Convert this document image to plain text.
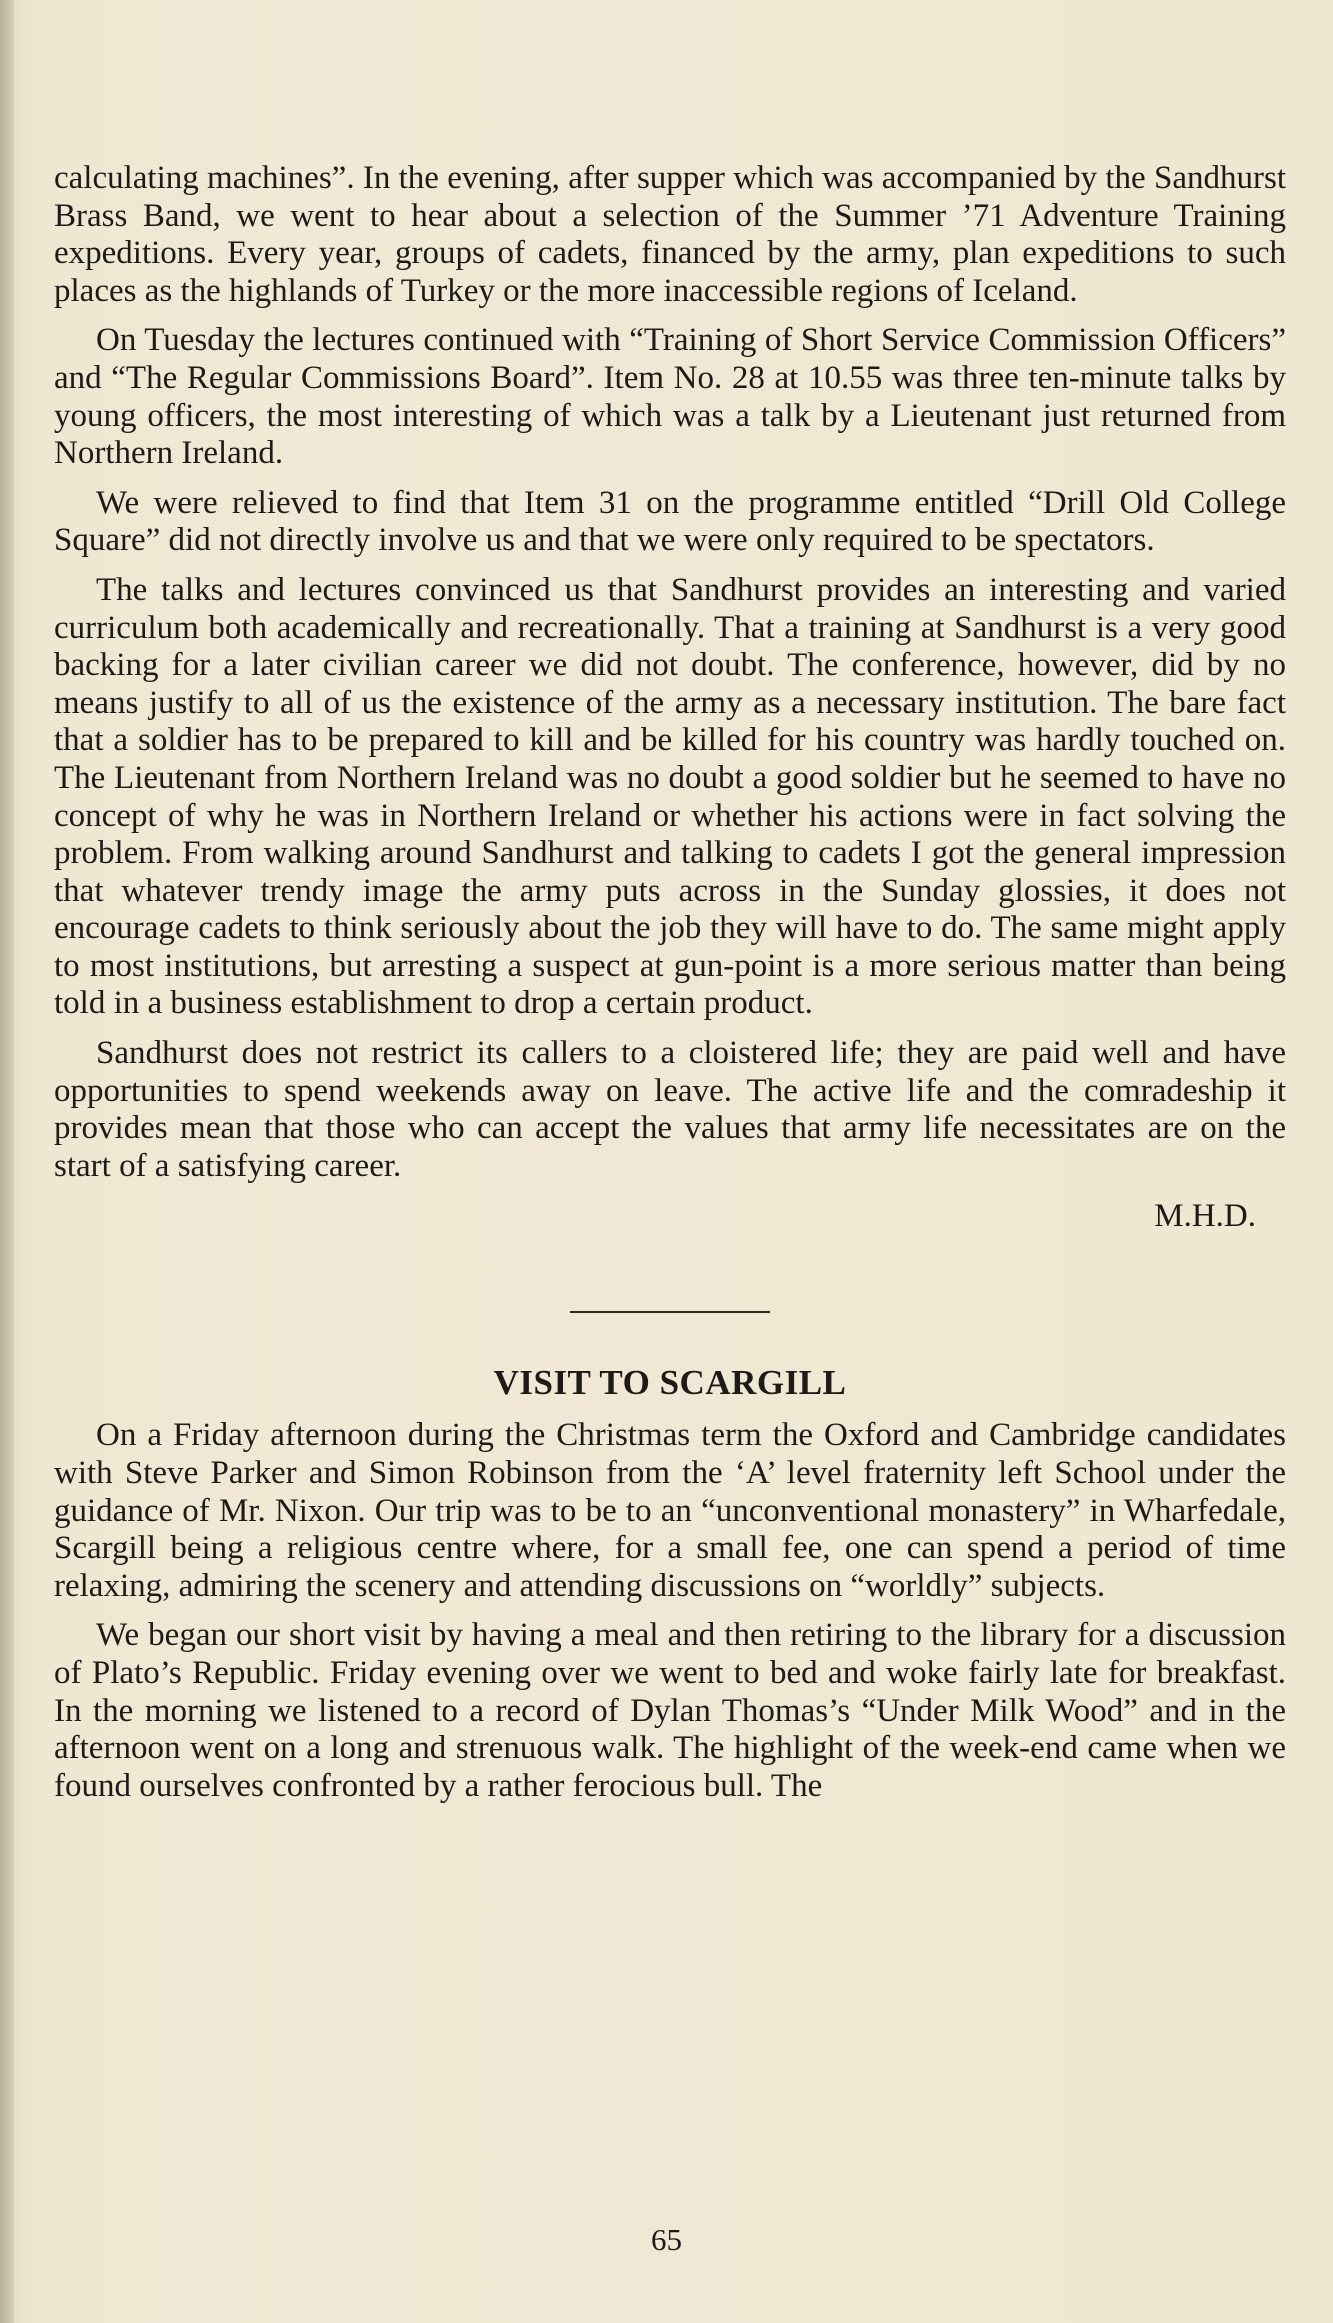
calculating machines”. In the evening, after supper which was accompanied by the Sandhurst Brass Band, we went to hear about a selection of the Summer ’71 Adventure Training expeditions. Every year, groups of cadets, financed by the army, plan expeditions to such places as the highlands of Turkey or the more inaccessible regions of Iceland.

On Tuesday the lectures continued with “Training of Short Service Commission Officers” and “The Regular Commissions Board”. Item No. 28 at 10.55 was three ten-minute talks by young officers, the most interesting of which was a talk by a Lieutenant just returned from Northern Ireland.

We were relieved to find that Item 31 on the programme entitled “Drill Old College Square” did not directly involve us and that we were only required to be spectators.

The talks and lectures convinced us that Sandhurst provides an interesting and varied curriculum both academically and recreationally. That a training at Sandhurst is a very good backing for a later civilian career we did not doubt. The conference, however, did by no means justify to all of us the existence of the army as a necessary institution. The bare fact that a soldier has to be prepared to kill and be killed for his country was hardly touched on. The Lieutenant from Northern Ireland was no doubt a good soldier but he seemed to have no concept of why he was in Northern Ireland or whether his actions were in fact solving the problem. From walking around Sandhurst and talking to cadets I got the general impression that whatever trendy image the army puts across in the Sunday glossies, it does not encourage cadets to think seriously about the job they will have to do. The same might apply to most institutions, but arresting a suspect at gun-point is a more serious matter than being told in a business establishment to drop a certain product.

Sandhurst does not restrict its callers to a cloistered life; they are paid well and have opportunities to spend weekends away on leave. The active life and the comradeship it provides mean that those who can accept the values that army life necessitates are on the start of a satisfying career.

M.H.D.

VISIT TO SCARGILL

On a Friday afternoon during the Christmas term the Oxford and Cambridge candidates with Steve Parker and Simon Robinson from the ‘A’ level fraternity left School under the guidance of Mr. Nixon. Our trip was to be to an “unconventional monastery” in Wharfedale, Scargill being a religious centre where, for a small fee, one can spend a period of time relaxing, admiring the scenery and attending discussions on “worldly” subjects.

We began our short visit by having a meal and then retiring to the library for a discussion of Plato’s Republic. Friday evening over we went to bed and woke fairly late for breakfast. In the morning we listened to a record of Dylan Thomas’s “Under Milk Wood” and in the afternoon went on a long and strenuous walk. The highlight of the week-end came when we found ourselves confronted by a rather ferocious bull. The

65
